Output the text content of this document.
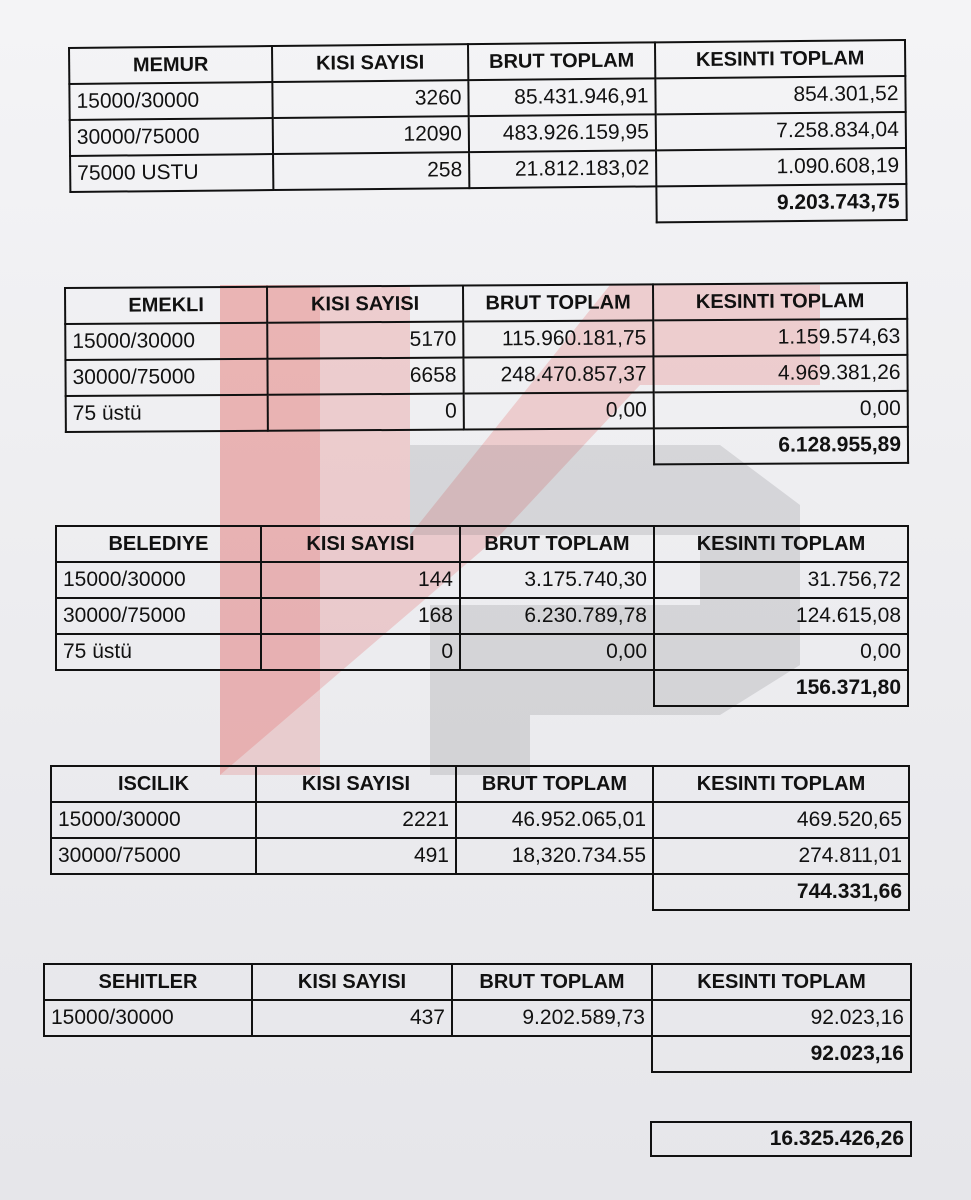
MEMUR	KISI SAYISI	BRUT TOPLAM	KESINTI TOPLAM
15000/30000	3260	85.431.946,91	854.301,52
30000/75000	12090	483.926.159,95	7.258.834,04
75000 USTU	258	21.812.183,02	1.090.608,19
			9.203.743,75
EMEKLI	KISI SAYISI	BRUT TOPLAM	KESINTI TOPLAM
15000/30000	5170	115.960.181,75	1.159.574,63
30000/75000	6658	248.470.857,37	4.969.381,26
75 üstü	0	0,00	0,00
			6.128.955,89
BELEDIYE	KISI SAYISI	BRUT TOPLAM	KESINTI TOPLAM
15000/30000	144	3.175.740,30	31.756,72
30000/75000	168	6.230.789,78	124.615,08
75 üstü	0	0,00	0,00
			156.371,80
ISCILIK	KISI SAYISI	BRUT TOPLAM	KESINTI TOPLAM
15000/30000	2221	46.952.065,01	469.520,65
30000/75000	491	18,320.734.55	274.811,01
			744.331,66
SEHITLER	KISI SAYISI	BRUT TOPLAM	KESINTI TOPLAM
15000/30000	437	9.202.589,73	92.023,16
			92.023,16
16.325.426,26
